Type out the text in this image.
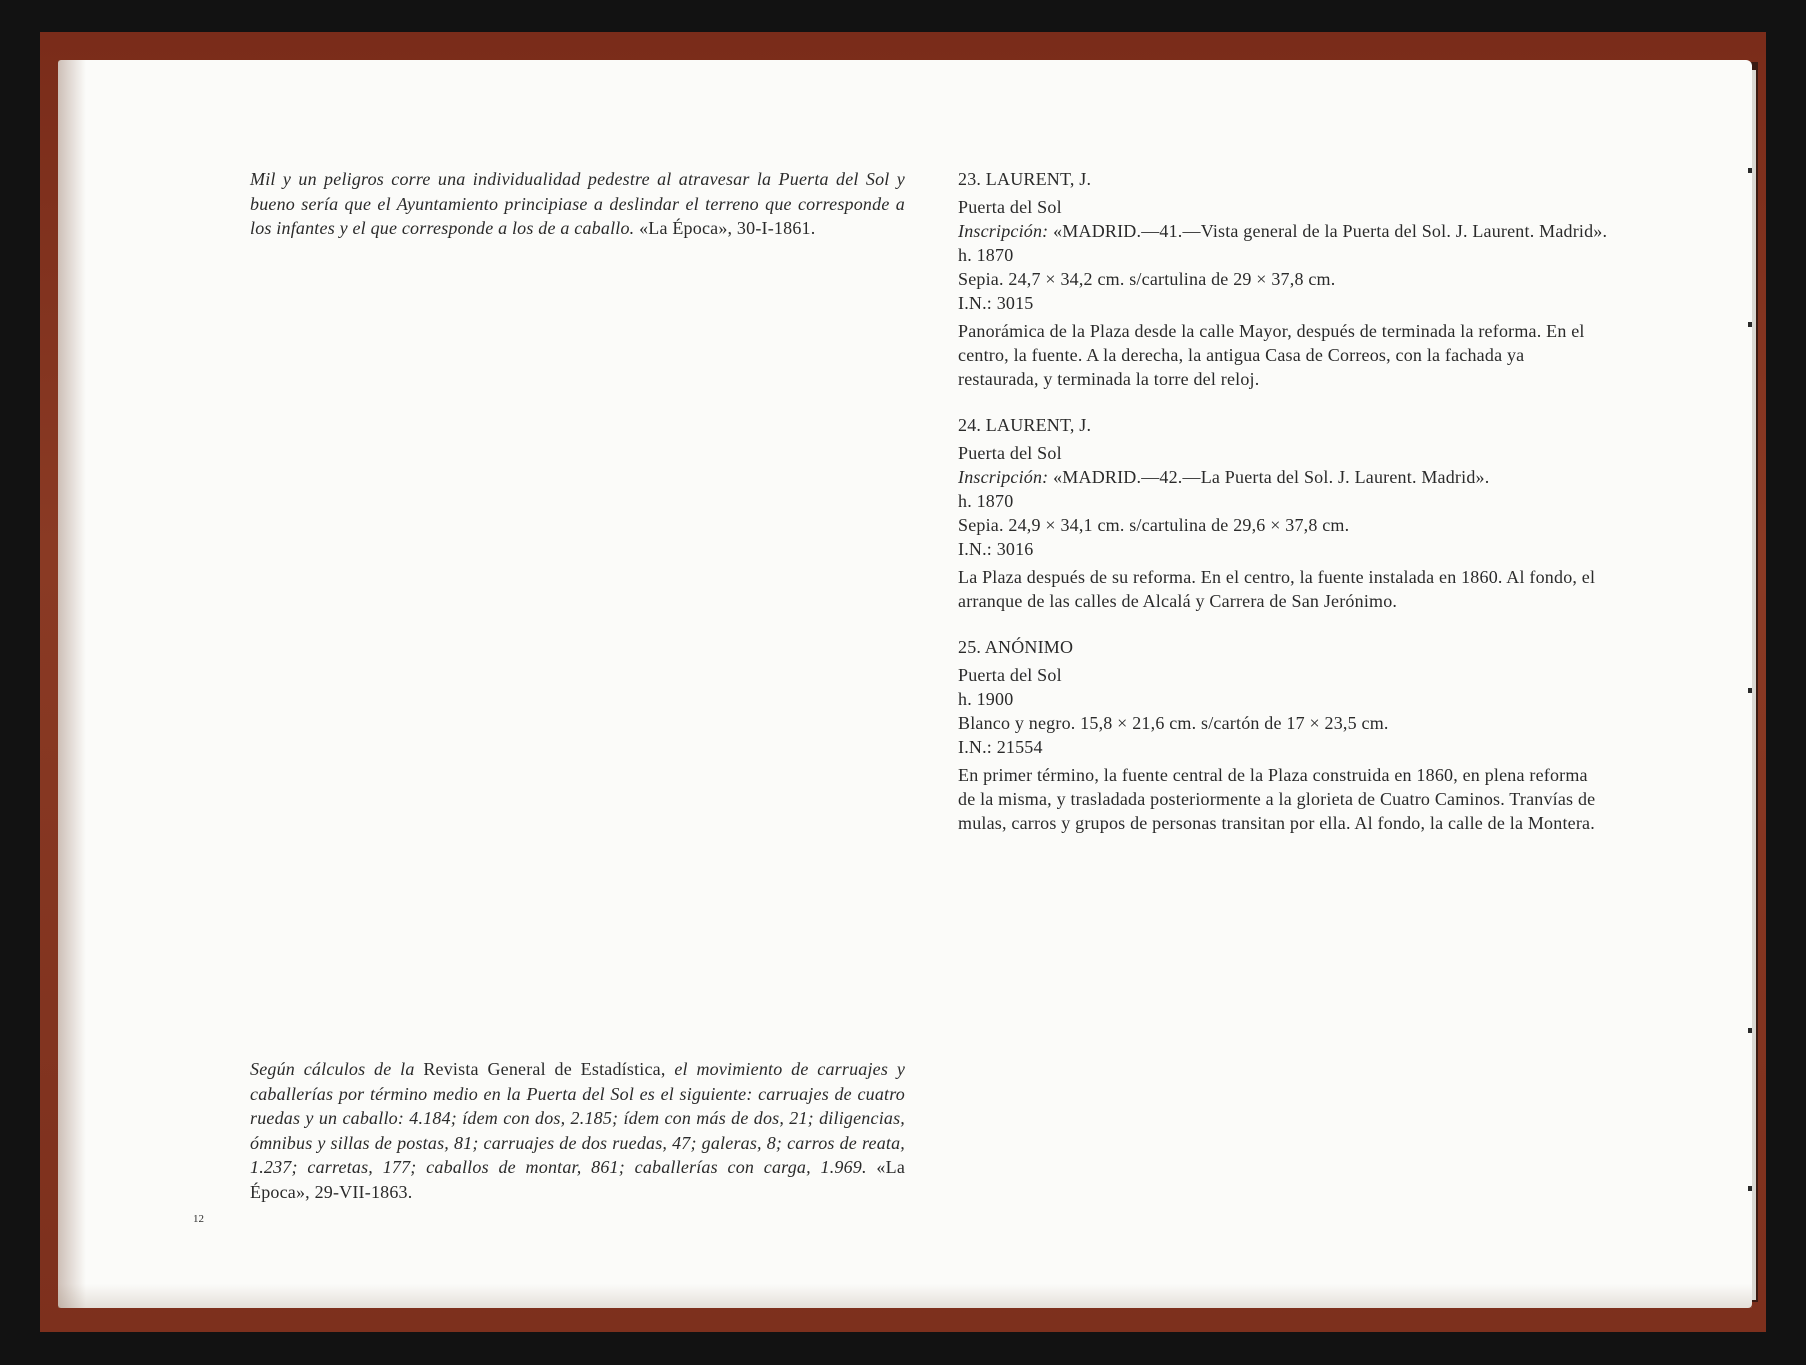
Mil y un peligros corre una individualidad pedestre al atravesar la Puerta del Sol y bueno sería que el Ayuntamiento principiase a deslindar el terreno que corresponde a los infantes y el que corresponde a los de a caballo. «La Época», 30-I-1861.
Según cálculos de la Revista General de Estadística, el movimiento de carruajes y caballerías por término medio en la Puerta del Sol es el siguiente: carruajes de cuatro ruedas y un caballo: 4.184; ídem con dos, 2.185; ídem con más de dos, 21; diligencias, ómnibus y sillas de postas, 81; carruajes de dos ruedas, 47; galeras, 8; carros de reata, 1.237; carretas, 177; caballos de montar, 861; caballerías con carga, 1.969. «La Época», 29-VII-1863.
12
23. LAURENT, J.
Puerta del Sol
Inscripción: «MADRID.—41.—Vista general de la Puerta del Sol. J. Laurent. Madrid».
h. 1870
Sepia. 24,7 × 34,2 cm. s/cartulina de 29 × 37,8 cm.
I.N.: 3015
Panorámica de la Plaza desde la calle Mayor, después de terminada la reforma. En el centro, la fuente. A la derecha, la antigua Casa de Correos, con la fachada ya restaurada, y terminada la torre del reloj.
24. LAURENT, J.
Puerta del Sol
Inscripción: «MADRID.—42.—La Puerta del Sol. J. Laurent. Madrid».
h. 1870
Sepia. 24,9 × 34,1 cm. s/cartulina de 29,6 × 37,8 cm.
I.N.: 3016
La Plaza después de su reforma. En el centro, la fuente instalada en 1860. Al fondo, el arranque de las calles de Alcalá y Carrera de San Jerónimo.
25. ANÓNIMO
Puerta del Sol
h. 1900
Blanco y negro. 15,8 × 21,6 cm. s/cartón de 17 × 23,5 cm.
I.N.: 21554
En primer término, la fuente central de la Plaza construida en 1860, en plena reforma de la misma, y trasladada posteriormente a la glorieta de Cuatro Caminos. Tranvías de mulas, carros y grupos de personas transitan por ella. Al fondo, la calle de la Montera.
